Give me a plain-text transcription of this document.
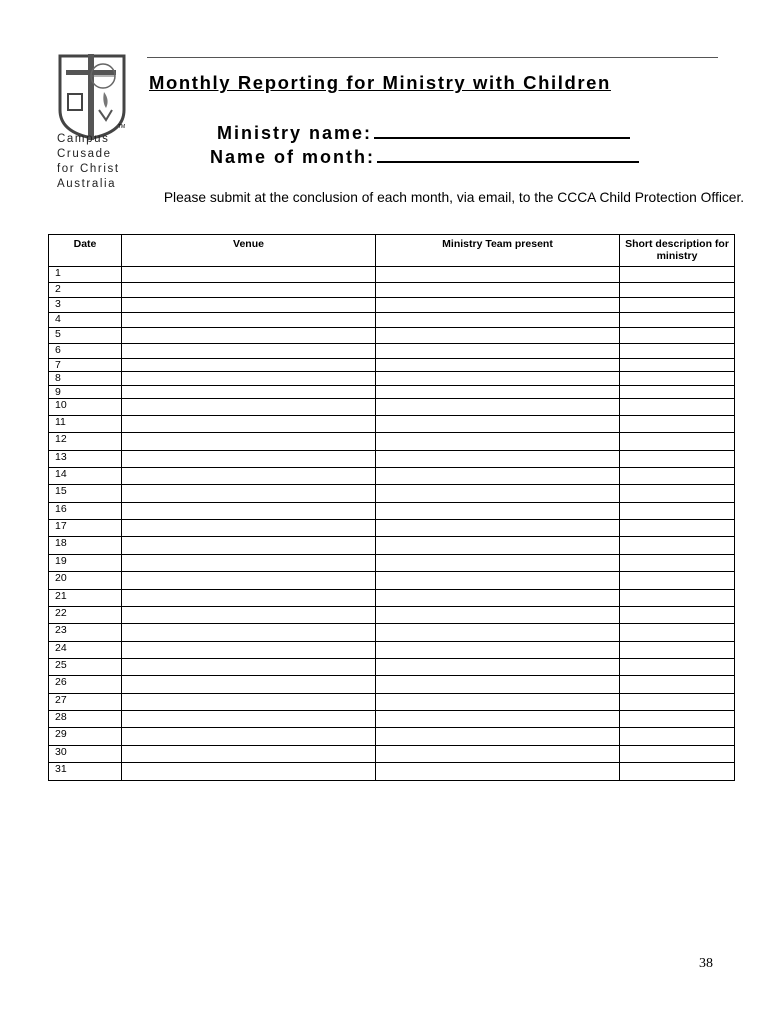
TM
Campus
Crusade
for Christ
Australia
Monthly Reporting for Ministry with Children
Ministry name:
Name of month:
Please submit at the conclusion of each month, via email, to the CCCA Child Protection Officer.
Date	Venue	Ministry Team present	Short description for ministry
1			
2			
3			
4			
5			
6			
7			
8			
9			
10			
11			
12			
13			
14			
15			
16			
17			
18			
19			
20			
21			
22			
23			
24			
25			
26			
27			
28			
29			
30			
31			
38
